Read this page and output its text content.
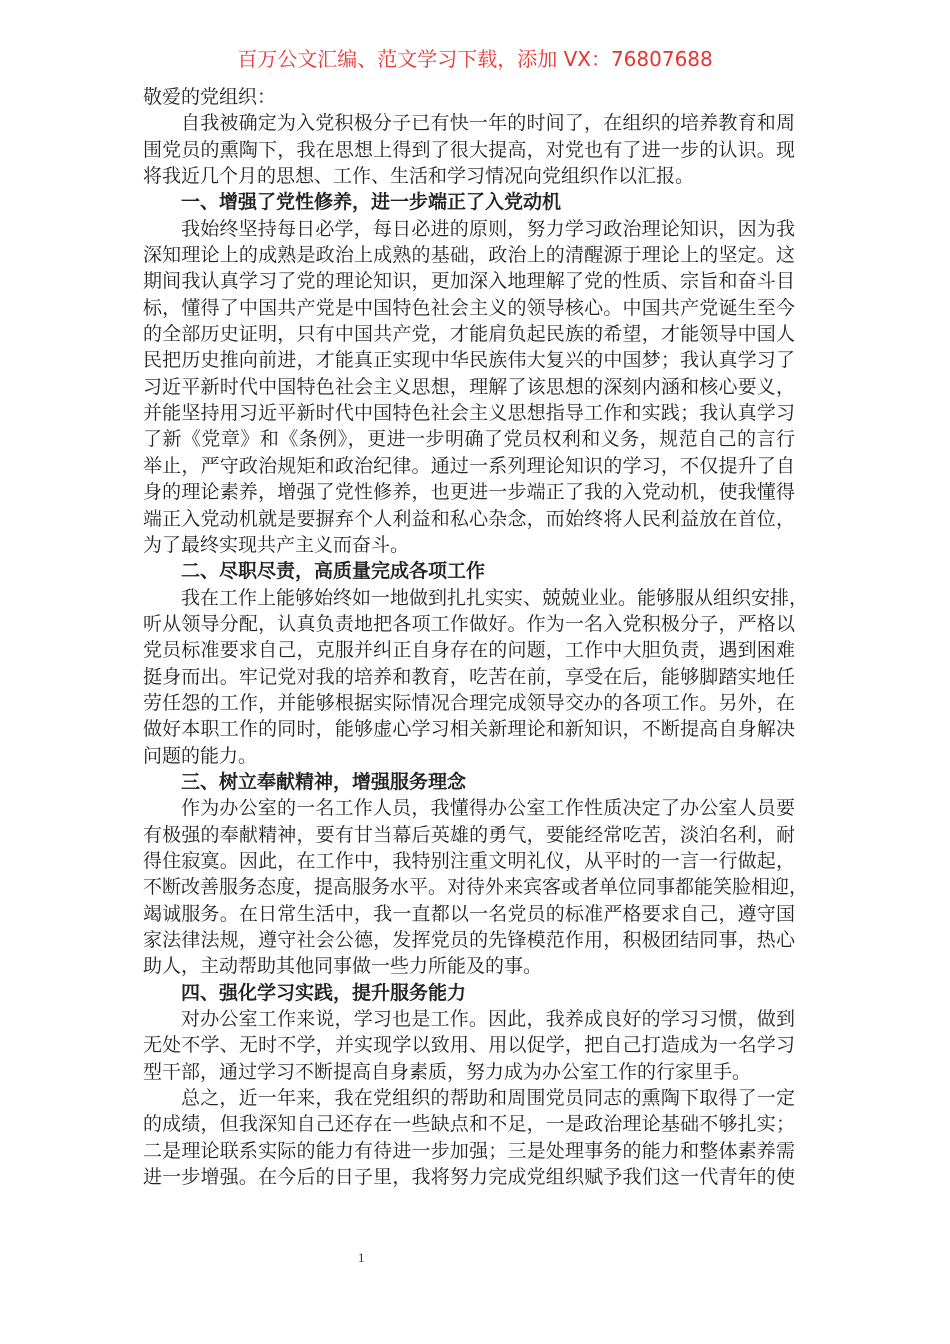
百万公文汇编、范文学习下载，添加 VX：76807688
敬爱的党组织：
自我被确定为入党积极分子已有快一年的时间了，在组织的培养教育和周
围党员的熏陶下，我在思想上得到了很大提高，对党也有了进一步的认识。现
将我近几个月的思想、工作、生活和学习情况向党组织作以汇报。
一、增强了党性修养，进一步端正了入党动机
我始终坚持每日必学，每日必进的原则，努力学习政治理论知识，因为我
深知理论上的成熟是政治上成熟的基础，政治上的清醒源于理论上的坚定。这
期间我认真学习了党的理论知识，更加深入地理解了党的性质、宗旨和奋斗目
标，懂得了中国共产党是中国特色社会主义的领导核心。中国共产党诞生至今
的全部历史证明，只有中国共产党，才能肩负起民族的希望，才能领导中国人
民把历史推向前进，才能真正实现中华民族伟大复兴的中国梦；我认真学习了
习近平新时代中国特色社会主义思想，理解了该思想的深刻内涵和核心要义，
并能坚持用习近平新时代中国特色社会主义思想指导工作和实践；我认真学习
了新《党章》和《条例》，更进一步明确了党员权利和义务，规范自己的言行
举止，严守政治规矩和政治纪律。通过一系列理论知识的学习，不仅提升了自
身的理论素养，增强了党性修养，也更进一步端正了我的入党动机，使我懂得
端正入党动机就是要摒弃个人利益和私心杂念，而始终将人民利益放在首位，
为了最终实现共产主义而奋斗。
二、尽职尽责，高质量完成各项工作
我在工作上能够始终如一地做到扎扎实实、兢兢业业。能够服从组织安排，
听从领导分配，认真负责地把各项工作做好。作为一名入党积极分子，严格以
党员标准要求自己，克服并纠正自身存在的问题，工作中大胆负责，遇到困难
挺身而出。牢记党对我的培养和教育，吃苦在前，享受在后，能够脚踏实地任
劳任怨的工作，并能够根据实际情况合理完成领导交办的各项工作。另外，在
做好本职工作的同时，能够虚心学习相关新理论和新知识，不断提高自身解决
问题的能力。
三、树立奉献精神，增强服务理念
作为办公室的一名工作人员，我懂得办公室工作性质决定了办公室人员要
有极强的奉献精神，要有甘当幕后英雄的勇气，要能经常吃苦，淡泊名利，耐
得住寂寞。因此，在工作中，我特别注重文明礼仪，从平时的一言一行做起，
不断改善服务态度，提高服务水平。对待外来宾客或者单位同事都能笑脸相迎，
竭诚服务。在日常生活中，我一直都以一名党员的标准严格要求自己，遵守国
家法律法规，遵守社会公德，发挥党员的先锋模范作用，积极团结同事，热心
助人，主动帮助其他同事做一些力所能及的事。
四、强化学习实践，提升服务能力
对办公室工作来说，学习也是工作。因此，我养成良好的学习习惯，做到
无处不学、无时不学，并实现学以致用、用以促学，把自己打造成为一名学习
型干部，通过学习不断提高自身素质，努力成为办公室工作的行家里手。
总之，近一年来，我在党组织的帮助和周围党员同志的熏陶下取得了一定
的成绩，但我深知自己还存在一些缺点和不足，一是政治理论基础不够扎实；
二是理论联系实际的能力有待进一步加强；三是处理事务的能力和整体素养需
进一步增强。在今后的日子里，我将努力完成党组织赋予我们这一代青年的使
1
